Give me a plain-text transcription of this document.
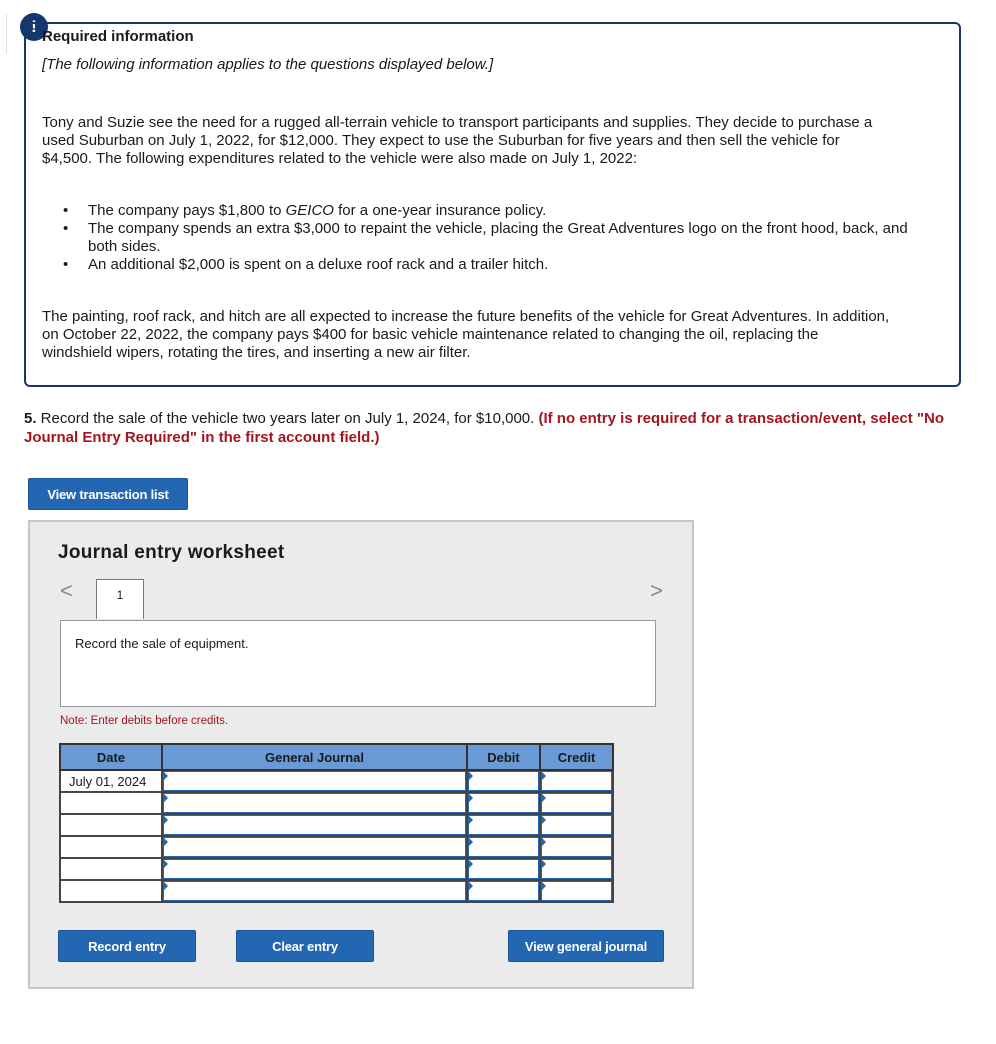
!
Required information
[The following information applies to the questions displayed below.]

Tony and Suzie see the need for a rugged all-terrain vehicle to transport participants and supplies. They decide to purchase a used Suburban on July 1, 2022, for $12,000. They expect to use the Suburban for five years and then sell the vehicle for $4,500. The following expenditures related to the vehicle were also made on July 1, 2022:

• The company pays $1,800 to GEICO for a one-year insurance policy.
• The company spends an extra $3,000 to repaint the vehicle, placing the Great Adventures logo on the front hood, back, and both sides.
• An additional $2,000 is spent on a deluxe roof rack and a trailer hitch.

The painting, roof rack, and hitch are all expected to increase the future benefits of the vehicle for Great Adventures. In addition, on October 22, 2022, the company pays $400 for basic vehicle maintenance related to changing the oil, replacing the windshield wipers, rotating the tires, and inserting a new air filter.

5. Record the sale of the vehicle two years later on July 1, 2024, for $10,000. (If no entry is required for a transaction/event, select "No Journal Entry Required" in the first account field.)
View transaction list
Journal entry worksheet
<	>
1
Record the sale of equipment.
Note: Enter debits before credits.
Date	General Journal	Debit	Credit
July 01, 2024	

Record entry	Clear entry	View general journal
